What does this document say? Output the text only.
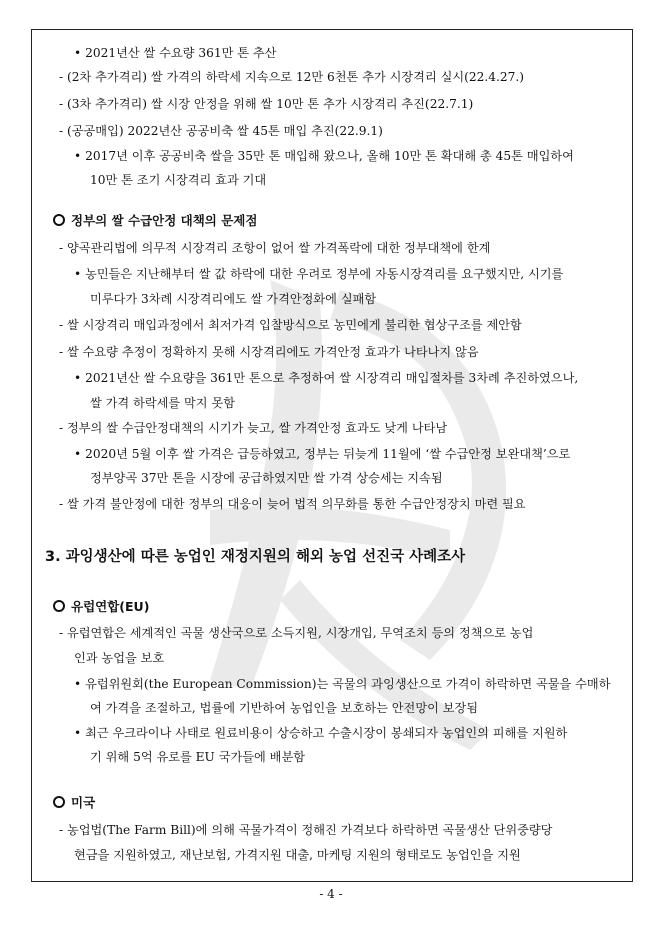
• 2021년산 쌀 수요량 361만 톤 추산
- (2차 추가격리) 쌀 가격의 하락세 지속으로 12만 6천톤 추가 시장격리 실시(22.4.27.)
- (3차 추가격리) 쌀 시장 안정을 위해 쌀 10만 톤 추가 시장격리 추진(22.7.1)
- (공공매입) 2022년산 공공비축 쌀 45톤 매입 추진(22.9.1)
• 2017년 이후 공공비축 쌀을 35만 톤 매입해 왔으나, 올해 10만 톤 확대해 총 45톤 매입하여
10만 톤 조기 시장격리 효과 기대
정부의 쌀 수급안정 대책의 문제점
- 양곡관리법에 의무적 시장격리 조항이 없어 쌀 가격폭락에 대한 정부대책에 한계
• 농민들은 지난해부터 쌀 값 하락에 대한 우려로 정부에 자동시장격리를 요구했지만, 시기를
미루다가 3차례 시장격리에도 쌀 가격안정화에 실패함
- 쌀 시장격리 매입과정에서 최저가격 입찰방식으로 농민에게 불리한 협상구조를 제안함
- 쌀 수요량 추정이 정확하지 못해 시장격리에도 가격안정 효과가 나타나지 않음
• 2021년산 쌀 수요량을 361만 톤으로 추정하여 쌀 시장격리 매입절차를 3차례 추진하였으나,
쌀 가격 하락세를 막지 못함
- 정부의 쌀 수급안정대책의 시기가 늦고, 쌀 가격안정 효과도 낮게 나타남
• 2020년 5월 이후 쌀 가격은 급등하였고, 정부는 뒤늦게 11월에 ‘쌀 수급안정 보완대책’으로
정부양곡 37만 톤을 시장에 공급하였지만 쌀 가격 상승세는 지속됨
- 쌀 가격 불안정에 대한 정부의 대응이 늦어 법적 의무화를 통한 수급안정장치 마련 필요
3. 과잉생산에 따른 농업인 재정지원의 해외 농업 선진국 사례조사
유럽연합(EU)
- 유럽연합은 세계적인 곡물 생산국으로 소득지원, 시장개입, 무역조치 등의 정책으로 농업
인과 농업을 보호
• 유럽위원회(the European Commission)는 곡물의 과잉생산으로 가격이 하락하면 곡물을 수매하
여 가격을 조절하고, 법률에 기반하여 농업인을 보호하는 안전망이 보장됨
• 최근 우크라이나 사태로 원료비용이 상승하고 수출시장이 봉쇄되자 농업인의 피해를 지원하
기 위해 5억 유로를 EU 국가들에 배분함
미국
- 농업법(The Farm Bill)에 의해 곡물가격이 정해진 가격보다 하락하면 곡물생산 단위중량당
현금을 지원하였고, 재난보험, 가격지원 대출, 마케팅 지원의 형태로도 농업인을 지원
- 4 -
